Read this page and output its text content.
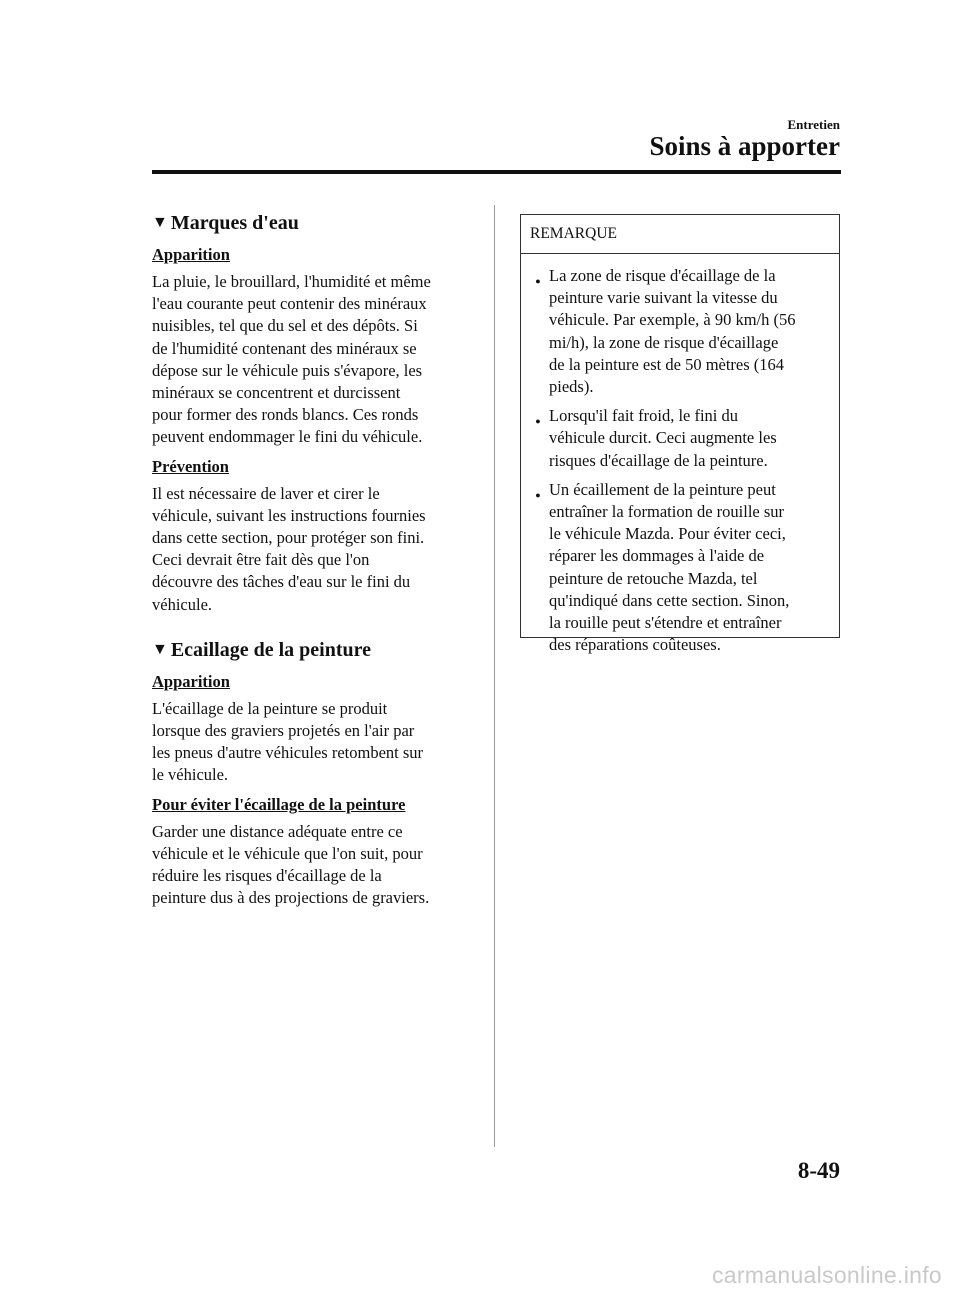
Entretien
Soins à apporter
▼ Marques d'eau
Apparition

La pluie, le brouillard, l'humidité et même
l'eau courante peut contenir des minéraux
nuisibles, tel que du sel et des dépôts. Si
de l'humidité contenant des minéraux se
dépose sur le véhicule puis s'évapore, les
minéraux se concentrent et durcissent
pour former des ronds blancs. Ces ronds
peuvent endommager le fini du véhicule.

Prévention

Il est nécessaire de laver et cirer le
véhicule, suivant les instructions fournies
dans cette section, pour protéger son fini.
Ceci devrait être fait dès que l'on
découvre des tâches d'eau sur le fini du
véhicule.

▼ Ecaillage de la peinture
Apparition

L'écaillage de la peinture se produit
lorsque des graviers projetés en l'air par
les pneus d'autre véhicules retombent sur
le véhicule.

Pour éviter l'écaillage de la peinture

Garder une distance adéquate entre ce
véhicule et le véhicule que l'on suit, pour
réduire les risques d'écaillage de la
peinture dus à des projections de graviers.

REMARQUE
● La zone de risque d'écaillage de la
peinture varie suivant la vitesse du
véhicule. Par exemple, à 90 km/h (56
mi/h), la zone de risque d'écaillage
de la peinture est de 50 mètres (164
pieds).
● Lorsqu'il fait froid, le fini du
véhicule durcit. Ceci augmente les
risques d'écaillage de la peinture.
● Un écaillement de la peinture peut
entraîner la formation de rouille sur
le véhicule Mazda. Pour éviter ceci,
réparer les dommages à l'aide de
peinture de retouche Mazda, tel
qu'indiqué dans cette section. Sinon,
la rouille peut s'étendre et entraîner
des réparations coûteuses.
8-49
carmanualsonline.info
